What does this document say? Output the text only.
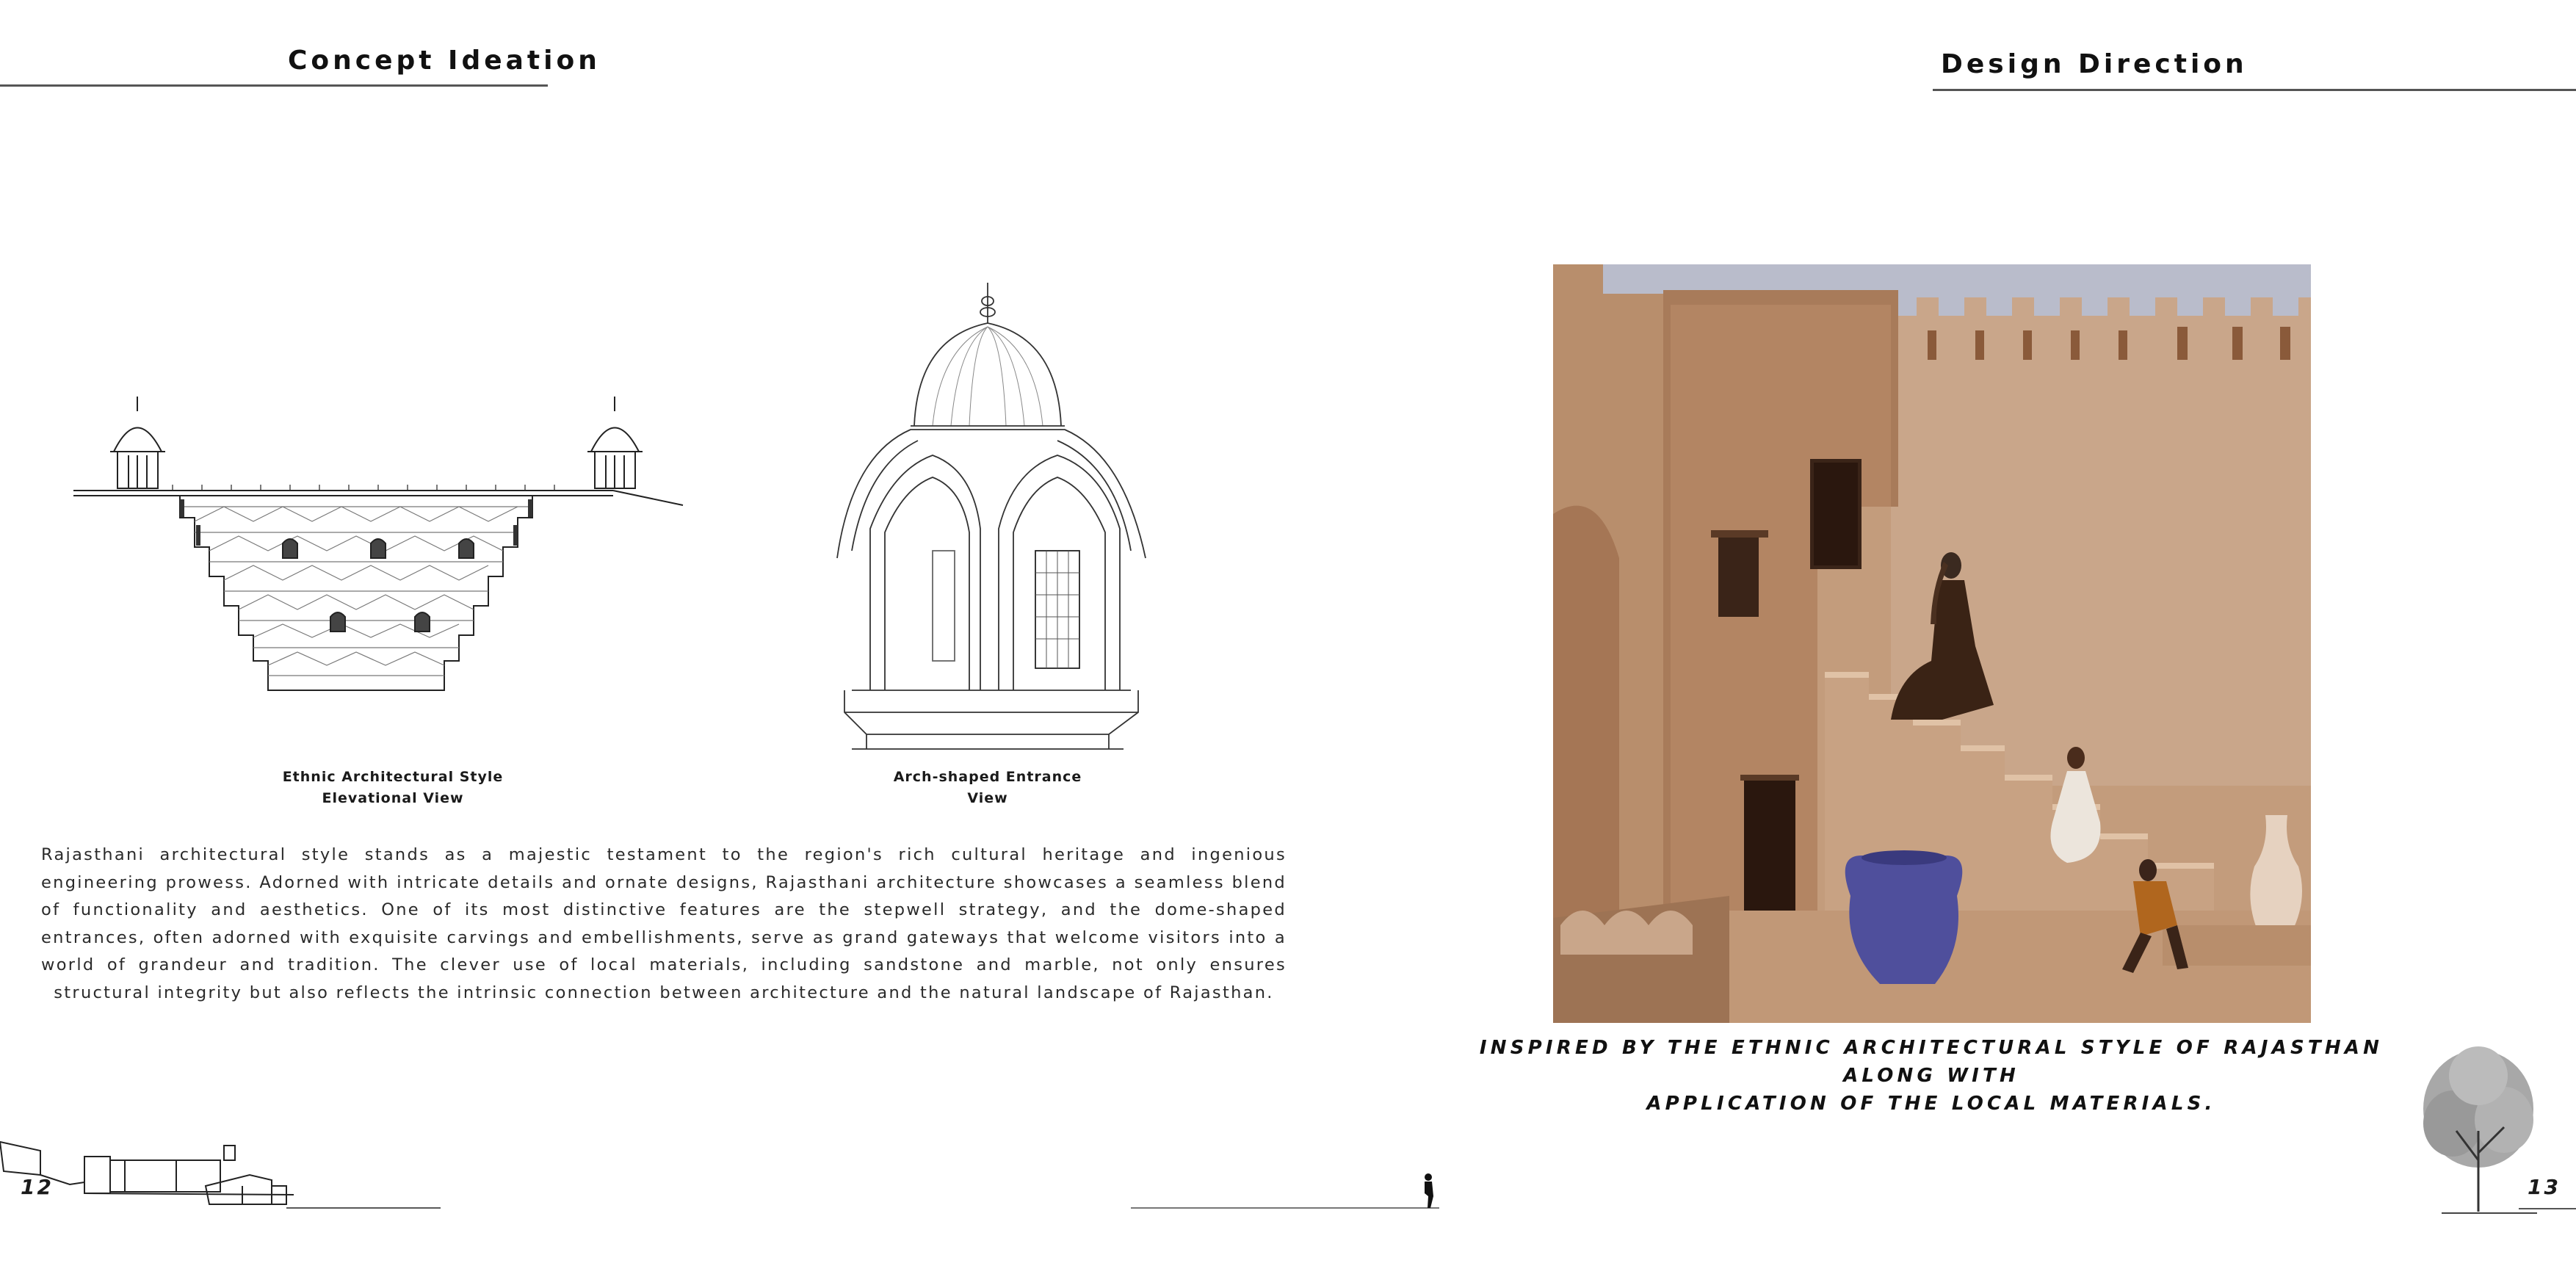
Concept Ideation
Ethnic Architectural Style
Elevational View
Arch-shaped Entrance
View
Rajasthani architectural style stands as a majestic testament to the region's rich cultural heritage and ingenious engineering prowess. Adorned with intricate details and ornate designs, Rajasthani architecture showcases a seamless blend of functionality and aesthetics. One of its most distinctive features are the stepwell strategy, and the dome-shaped entrances, often adorned with exquisite carvings and embellishments, serve as grand gateways that welcome visitors into a world of grandeur and tradition. The clever use of local materials, including sandstone and marble, not only ensures structural integrity but also reflects the intrinsic connection between architecture and the natural landscape of Rajasthan.
12
Design Direction
INSPIRED BY THE ETHNIC ARCHITECTURAL STYLE OF RAJASTHAN ALONG WITH
APPLICATION OF THE LOCAL MATERIALS.
13
